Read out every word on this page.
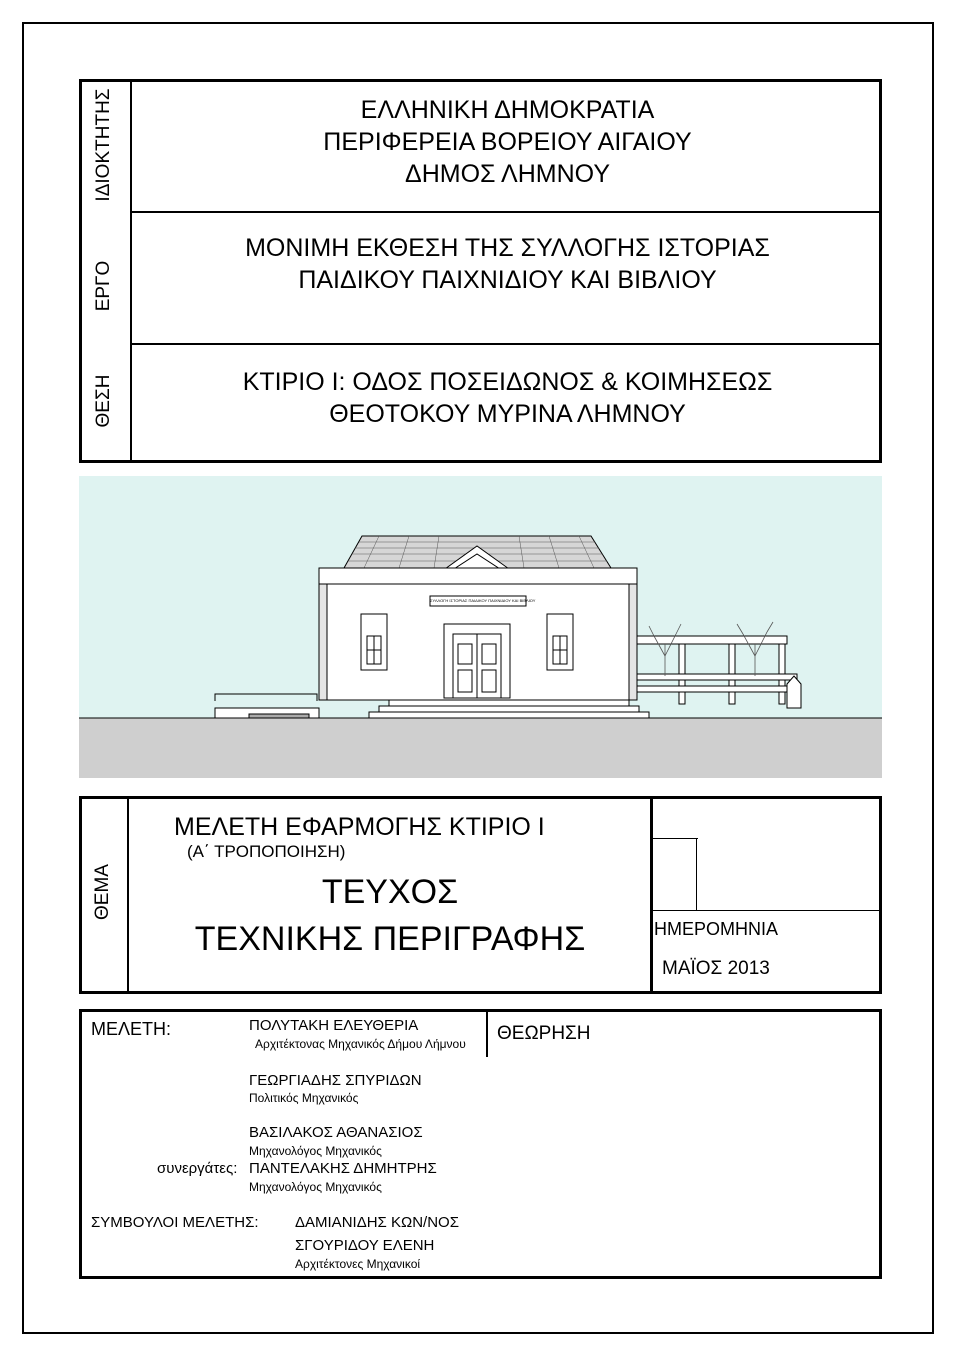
ΙΔΙΟΚΤΗΤΗΣ
ΕΡΓΟ
ΘΕΣΗ
ΕΛΛΗΝΙΚΗ ΔΗΜΟΚΡΑΤΙΑ
ΠΕΡΙΦΕΡΕΙΑ ΒΟΡΕΙΟΥ ΑΙΓΑΙΟΥ
ΔΗΜΟΣ ΛΗΜΝΟΥ
ΜΟΝΙΜΗ ΕΚΘΕΣΗ ΤΗΣ ΣΥΛΛΟΓΗΣ ΙΣΤΟΡΙΑΣ
ΠΑΙΔΙΚΟΥ ΠΑΙΧΝΙΔΙΟΥ ΚΑΙ ΒΙΒΛΙΟΥ
ΚΤΙΡΙΟ Ι: ΟΔΟΣ ΠΟΣΕΙΔΩΝΟΣ & ΚΟΙΜΗΣΕΩΣ
ΘΕΟΤΟΚΟΥ ΜΥΡΙΝΑ ΛΗΜΝΟΥ
ΣΥΛΛΟΓΗ ΙΣΤΟΡΙΑΣ ΠΑΙΔΙΚΟΥ ΠΑΙΧΝΙΔΙΟΥ ΚΑΙ ΒΙΒΛΙΟΥ
ΘΕΜΑ
ΜΕΛΕΤΗ ΕΦΑΡΜΟΓΗΣ ΚΤΙΡΙΟ Ι
(Α΄ ΤΡΟΠΟΠΟΙΗΣΗ)
ΤΕΥΧΟΣ
ΤΕΧΝΙΚΗΣ ΠΕΡΙΓΡΑΦΗΣ	ΗΜΕΡΟΜΗΝΙΑ
ΜΑΪΟΣ 2013
ΜΕΛΕΤΗ:	ΘΕΩΡΗΣΗ
ΠΟΛΥΤΑΚΗ ΕΛΕΥΘΕΡΙΑ
Αρχιτέκτονας Μηχανικός Δήμου Λήμνου
ΓΕΩΡΓΙΑΔΗΣ ΣΠΥΡΙΔΩΝ
Πολιτικός Μηχανικός
ΒΑΣΙΛΑΚΟΣ ΑΘΑΝΑΣΙΟΣ
Μηχανολόγος Μηχανικός
συνεργάτες: ΠΑΝΤΕΛΑΚΗΣ ΔΗΜΗΤΡΗΣ
Μηχανολόγος Μηχανικός
ΣΥΜΒΟΥΛΟΙ ΜΕΛΕΤΗΣ: ΔΑΜΙΑΝΙΔΗΣ ΚΩΝ/ΝΟΣ
ΣΓΟΥΡΙΔΟΥ ΕΛΕΝΗ
Αρχιτέκτονες Μηχανικοί
